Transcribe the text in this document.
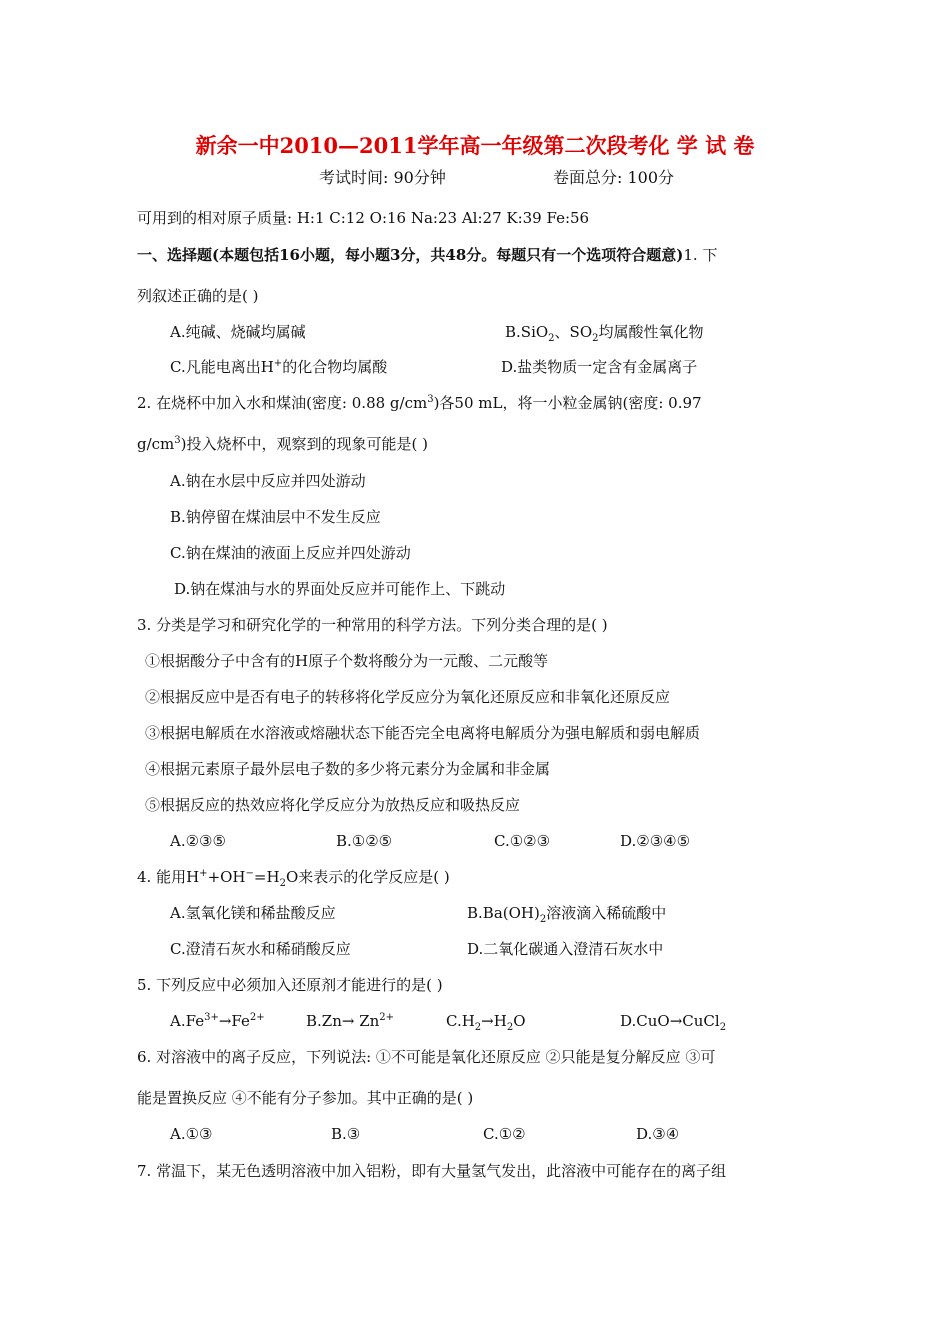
新余一中2010—2011学年高一年级第二次段考化 学 试 卷
考试时间: 90分钟	卷面总分: 100分
可用到的相对原子质量: H:1 C:12 O:16 Na:23 Al:27 K:39 Fe:56
一、选择题(本题包括16小题，每小题3分，共48分。每题只有一个选项符合题意)1. 下
列叙述正确的是( )
A.纯碱、烧碱均属碱	B.SiO$_2$、$SO_2$均属酸性氧化物
C.凡能电离出H+的化合物均属酸	D.盐类物质一定含有金属离子
2. 在烧杯中加入水和煤油(密度: 0.88 $g/cm^3$)各50 mL，将一小粒金属钠(密度: 0.97
$g/cm^3$)投入烧杯中，观察到的现象可能是( )
A.钠在水层中反应并四处游动
B.钠停留在煤油层中不发生反应
C.钠在煤油的液面上反应并四处游动
D.钠在煤油与水的界面处反应并可能作上、下跳动
3. 分类是学习和研究化学的一种常用的科学方法。下列分类合理的是( )
①根据酸分子中含有的H原子个数将酸分为一元酸、二元酸等
②根据反应中是否有电子的转移将化学反应分为氧化还原反应和非氧化还原反应
③根据电解质在水溶液或熔融状态下能否完全电离将电解质分为强电解质和弱电解质
④根据元素原子最外层电子数的多少将元素分为金属和非金属
⑤根据反应的热效应将化学反应分为放热反应和吸热反应
A.②③⑤	B.①②⑤	C.①②③	D.②③④⑤
4. 能用$H^++OH^-=H_2O$来表示的化学反应是( )
A.氢氧化镁和稀盐酸反应	$B.Ba(OH)_2$溶液滴入稀硫酸中
C.澄清石灰水和稀硝酸反应	D.二氧化碳通入澄清石灰水中
5. 下列反应中必须加入还原剂才能进行的是( )
$A.Fe^{3+}\to Fe^{2+}$	$B.Zn\to Zn^{2+}$	$C.H_2\to H_2O$	D.CuO→CuCl$_2$
6. 对溶液中的离子反应，下列说法: ①不可能是氧化还原反应 ②只能是复分解反应 ③可
能是置换反应 ④不能有分子参加。其中正确的是( )
A.①③	B.③	C.①②	D.③④
7. 常温下，某无色透明溶液中加入铝粉，即有大量氢气发出，此溶液中可能存在的离子组
